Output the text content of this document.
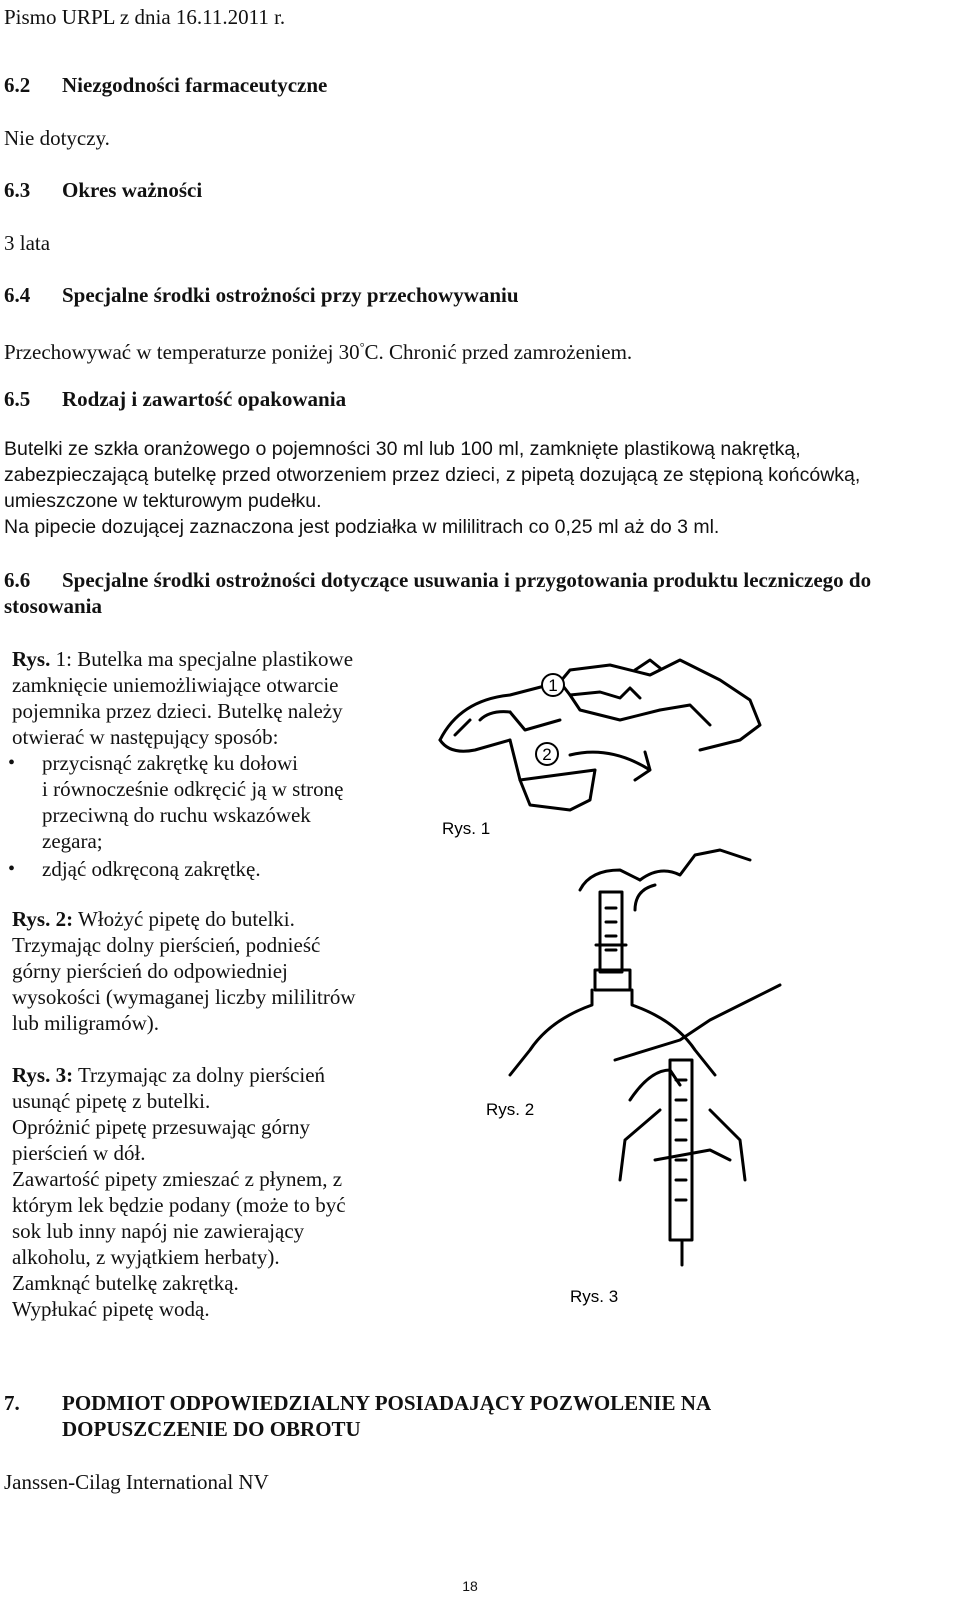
Pismo URPL z dnia 16.11.2011 r.
6.2 Niezgodności farmaceutyczne
Nie dotyczy.
6.3 Okres ważności
3 lata
6.4 Specjalne środki ostrożności przy przechowywaniu
Przechowywać w temperaturze poniżej 30°C. Chronić przed zamrożeniem.
6.5 Rodzaj i zawartość opakowania
Butelki ze szkła oranżowego o pojemności 30 ml lub 100 ml, zamknięte plastikową nakrętką,
zabezpieczającą butelkę przed otworzeniem przez dzieci, z pipetą dozującą ze stępioną końcówką,
umieszczone w tekturowym pudełku.
Na pipecie dozującej zaznaczona jest podziałka w mililitrach co 0,25 ml aż do 3 ml.
6.6 Specjalne środki ostrożności dotyczące usuwania i przygotowania produktu leczniczego do
stosowania
Rys. 1: Butelka ma specjalne plastikowe
zamknięcie uniemożliwiające otwarcie
pojemnika przez dzieci. Butelkę należy
otwierać w następujący sposób:
• przycisnąć zakrętkę ku dołowi
i równocześnie odkręcić ją w stronę
przeciwną do ruchu wskazówek
zegara;
• zdjąć odkręconą zakrętkę.
Rys. 2: Włożyć pipetę do butelki.
Trzymając dolny pierścień, podnieść
górny pierścień do odpowiedniej
wysokości (wymaganej liczby mililitrów
lub miligramów).
Rys. 3: Trzymając za dolny pierścień
usunąć pipetę z butelki.
Opróżnić pipetę przesuwając górny
pierścień w dół.
Zawartość pipety zmieszać z płynem, z
którym lek będzie podany (może to być
sok lub inny napój nie zawierający
alkoholu, z wyjątkiem herbaty).
Zamknąć butelkę zakrętką.
Wypłukać pipetę wodą.
1
2
Rys. 1
Rys. 2
Rys. 3
7. PODMIOT ODPOWIEDZIALNY POSIADAJĄCY POZWOLENIE NA
DOPUSZCZENIE DO OBROTU
Janssen-Cilag International NV
18
